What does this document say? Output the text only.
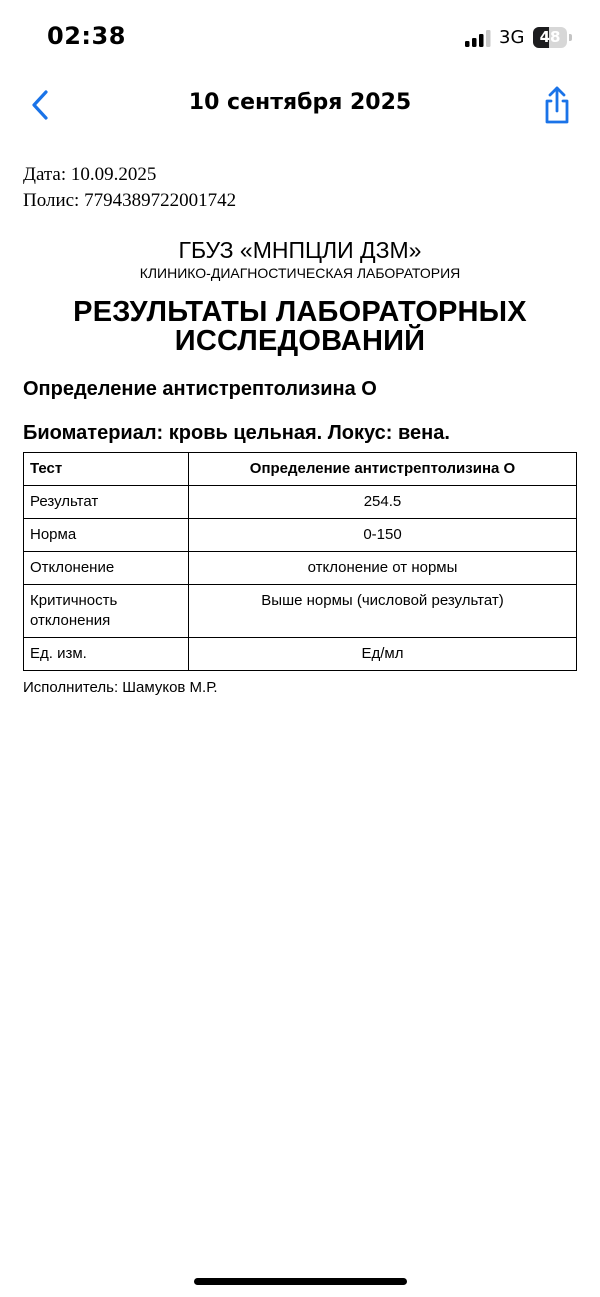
02:38	3G	48
10 сентября 2025

Дата: 10.09.2025

Полис: 7794389722001742

ГБУЗ «МНПЦЛИ ДЗМ»
КЛИНИКО-ДИАГНОСТИЧЕСКАЯ ЛАБОРАТОРИЯ
РЕЗУЛЬТАТЫ ЛАБОРАТОРНЫХ ИССЛЕДОВАНИЙ
Определение антистрептолизина О
Биоматериал: кровь цельная. Локус: вена.
Тест	Определение антистрептолизина О
Результат	254.5
Норма	0-150
Отклонение	отклонение от нормы
Критичность отклонения	Выше нормы (числовой результат)
Ед. изм.	Ед/мл
Исполнитель: Шамуков М.Р.
